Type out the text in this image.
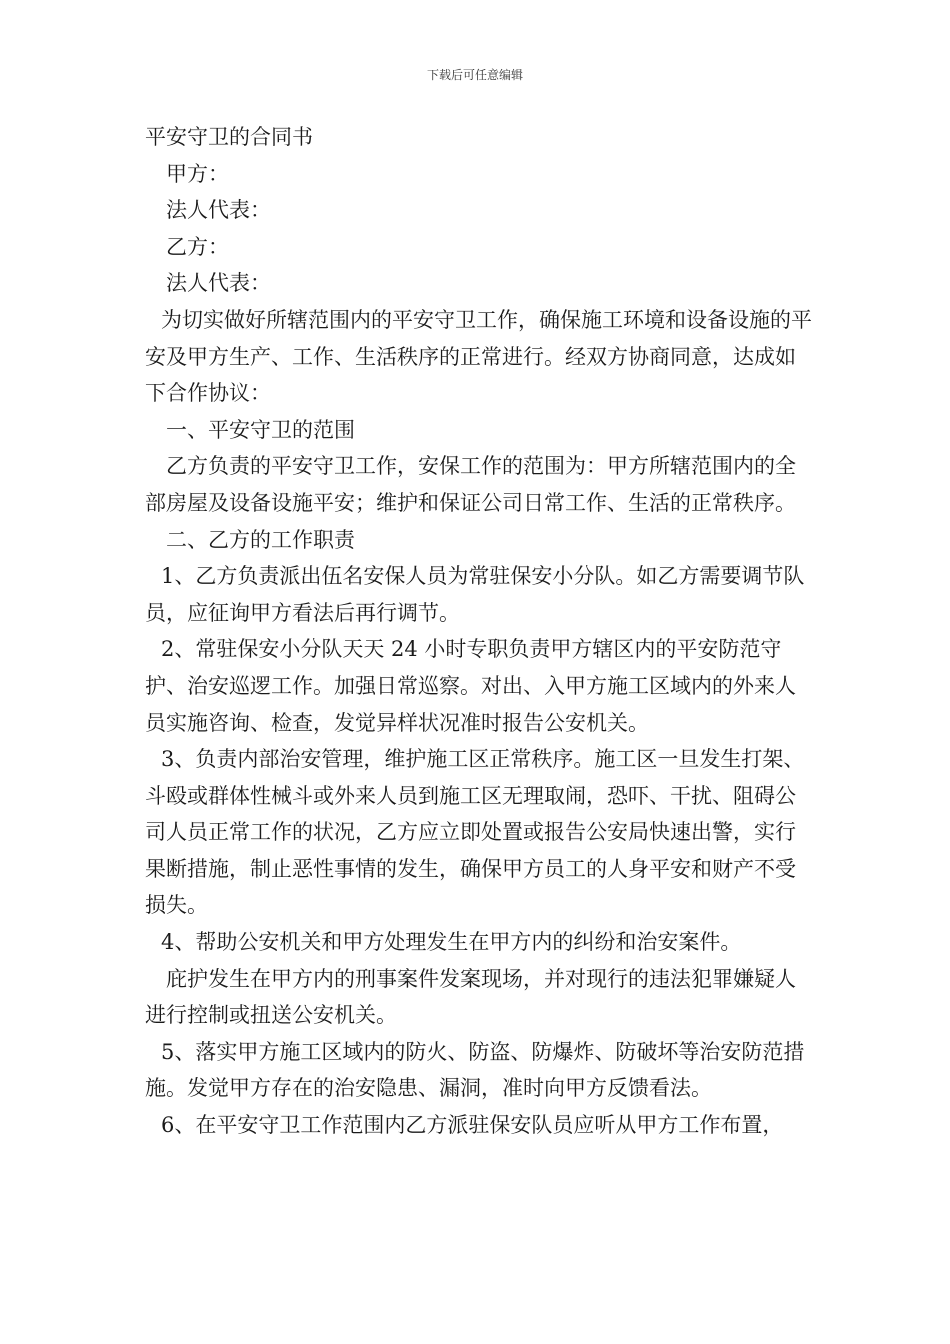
下载后可任意编辑

平安守卫的合同书

甲方：

法人代表：

乙方：

法人代表：

为切实做好所辖范围内的平安守卫工作，确保施工环境和设备设施的平安及甲方生产、工作、生活秩序的正常进行。经双方协商同意，达成如下合作协议：

一、平安守卫的范围

乙方负责的平安守卫工作，安保工作的范围为：甲方所辖范围内的全部房屋及设备设施平安；维护和保证公司日常工作、生活的正常秩序。

二、乙方的工作职责

1、乙方负责派出伍名安保人员为常驻保安小分队。如乙方需要调节队员，应征询甲方看法后再行调节。

2、常驻保安小分队天天 24 小时专职负责甲方辖区内的平安防范守护、治安巡逻工作。加强日常巡察。对出、入甲方施工区域内的外来人员实施咨询、检查，发觉异样状况准时报告公安机关。

3、负责内部治安管理，维护施工区正常秩序。施工区一旦发生打架、斗殴或群体性械斗或外来人员到施工区无理取闹，恐吓、干扰、阻碍公司人员正常工作的状况，乙方应立即处置或报告公安局快速出警，实行果断措施，制止恶性事情的发生，确保甲方员工的人身平安和财产不受损失。

4、帮助公安机关和甲方处理发生在甲方内的纠纷和治安案件。

庇护发生在甲方内的刑事案件发案现场，并对现行的违法犯罪嫌疑人进行控制或扭送公安机关。

5、落实甲方施工区域内的防火、防盗、防爆炸、防破坏等治安防范措施。发觉甲方存在的治安隐患、漏洞，准时向甲方反馈看法。

6、在平安守卫工作范围内乙方派驻保安队员应听从甲方工作布置，
